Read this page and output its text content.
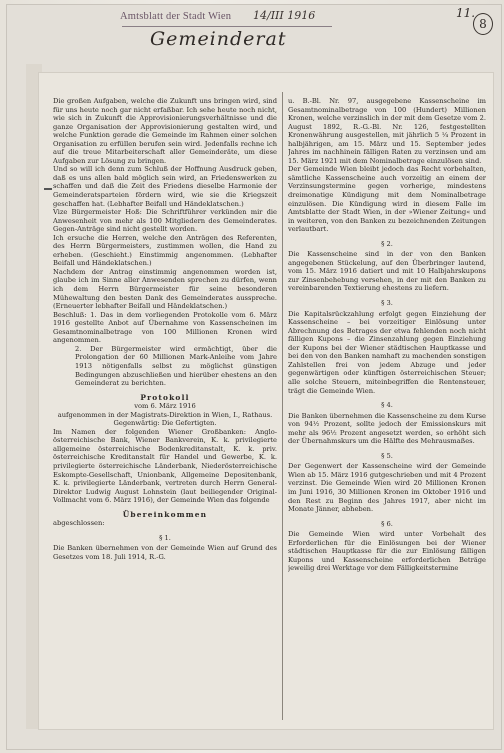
Amtsblatt der Stadt Wien 14/III 1916
Gemeinderat
11.
8

Die großen Aufgaben, welche die Zukunft uns bringen wird, sind für uns heute noch gar nicht erfaßbar. Ich sehe heute noch nicht, wie sich in Zukunft die Approvisionierungsverhältnisse und die ganze Organisation der Approvisionierung gestalten wird, und welche Funktion gerade die Gemeinde im Rahmen einer solchen Organisation zu erfüllen berufen sein wird. Jedenfalls rechne ich auf die treue Mitarbeiterschaft aller Gemeinderäte, um diese Aufgaben zur Lösung zu bringen.

Und so will ich denn zum Schluß der Hoffnung Ausdruck geben, daß es uns allen bald möglich sein wird, an Friedenswerken zu schaffen und daß die Zeit des Friedens dieselbe Harmonie der Gemeinderatsparteien fördern wird, wie sie die Kriegszeit geschaffen hat. (Lebhafter Beifall und Händeklatschen.)

Vize Bürgermeister Hoß: Die Schriftführer verkünden mir die Anwesenheit von mehr als 100 Mitgliedern des Gemeinderates. Gegen-Anträge sind nicht gestellt worden.

Ich ersuche die Herren, welche den Anträgen des Referenten, des Herrn Bürgermeisters, zustimmen wollen, die Hand zu erheben. (Geschieht.) Einstimmig angenommen. (Lebhafter Beifall und Händeklatschen.)

Nachdem der Antrag einstimmig angenommen worden ist, glaube ich im Sinne aller Anwesenden sprechen zu dürfen, wenn ich dem Herrn Bürgermeister für seine besonderen Mühewaltung den besten Dank des Gemeinderates ausspreche. (Erneuerter lebhafter Beifall und Händeklatschen.)

Beschluß: 1. Das in dem vorliegenden Protokolle vom 6. März 1916 gestellte Anbot auf Übernahme von Kassenscheinen im Gesamtnominalbetrage von 100 Millionen Kronen wird angenommen.

2. Der Bürgermeister wird ermächtigt, über die Prolongation der 60 Millionen Mark-Anleihe vom Jahre 1913 nötigenfalls selbst zu möglichst günstigen Bedingungen abzuschließen und hierüber ehestens an den Gemeinderat zu berichten.

Protokoll

vom 6. März 1916

aufgenommen in der Magistrats-Direktion in Wien, I., Rathaus.

Gegenwärtig: Die Gefertigten.

Im Namen der folgenden Wiener Großbanken: Anglo-österreichische Bank, Wiener Bankverein, K. k. privilegierte allgemeine österreichische Bodenkreditanstalt, K. k. priv. österreichische Kreditanstalt für Handel und Gewerbe, K. k. privilegierte österreichische Länderbank, Niederösterreichische Eskompte-Gesellschaft, Unionbank, Allgemeine Depositenbank, K. k. privilegierte Länderbank, vertreten durch Herrn General-Direktor Ludwig August Lohnstein (laut beiliegender Original-Vollmacht vom 6. März 1916), der Gemeinde Wien das folgende

Übereinkommen

abgeschlossen:

§ 1.

Die Banken übernehmen von der Gemeinde Wien auf Grund des Gesetzes vom 18. Juli 1914, R.-G.

u. B.-Bl. Nr. 97, ausgegebene Kassenscheine im Gesamtnominalbetrage von 100 (Hundert) Millionen Kronen, welche verzinslich in der mit dem Gesetze vom 2. August 1892, R.-G.-Bl. Nr. 126, festgestellten Kronenwährung ausgestellen, mit jährlich 5 ¼ Prozent in halbjährigen, am 15. März und 15. September jedes Jahres im nachhinein fälligen Raten zu verzinsen und am 15. März 1921 mit dem Nominalbetrage einzulösen sind.

Der Gemeinde Wien bleibt jedoch das Recht vorbehalten, sämtliche Kassenscheine auch vorzeitig an einem der Verzinsungstermine gegen vorherige, mindestens dreimonatige Kündigung mit dem Nominalbetrage einzulösen. Die Kündigung wird in diesem Falle im Amtsblatte der Stadt Wien, in der »Wiener Zeitung« und in weiteren, von den Banken zu bezeichnenden Zeitungen verlautbart.

§ 2.

Die Kassenscheine sind in der von den Banken angegebenen Stückelung, auf den Überbringer lautend, vom 15. März 1916 datiert und mit 10 Halbjahrskupons zur Zinsenbehebung versehen, in der mit den Banken zu vereinbarenden Textierung ehestens zu liefern.

§ 3.

Die Kapitalsrückzahlung erfolgt gegen Einziehung der Kassenscheine – bei vorzeitiger Einlösung unter Abrechnung des Betrages der etwa fehlenden noch nicht fälligen Kupons – die Zinsenzahlung gegen Einziehung der Kupons bei der Wiener städtischen Hauptkasse und bei den von den Banken namhaft zu machenden sonstigen Zahlstellen frei von jedem Abzuge und jeder gegenwärtigen oder künftigen österreichischen Steuer; alle solche Steuern, miteinbegriffen die Rentensteuer, trägt die Gemeinde Wien.

§ 4.

Die Banken übernehmen die Kassenscheine zu dem Kurse von 94½ Prozent, sollte jedoch der Emissionskurs mit mehr als 96½ Prozent angesetzt werden, so erhöht sich der Übernahmskurs um die Hälfte des Mehrausmaßes.

§ 5.

Der Gegenwert der Kassenscheine wird der Gemeinde Wien ab 15. März 1916 gutgeschrieben und mit 4 Prozent verzinst. Die Gemeinde Wien wird 20 Millionen Kronen im Juni 1916, 30 Millionen Kronen im Oktober 1916 und den Rest zu Beginn des Jahres 1917, aber nicht im Monate Jänner, abheben.

§ 6.

Die Gemeinde Wien wird unter Vorbehalt des Erforderlichen für die Einlösungen bei der Wiener städtischen Hauptkasse für die zur Einlösung fälligen Kupons und Kassenscheine erforderlichen Beträge jeweilig drei Werktage vor dem Fälligkeitstermine
